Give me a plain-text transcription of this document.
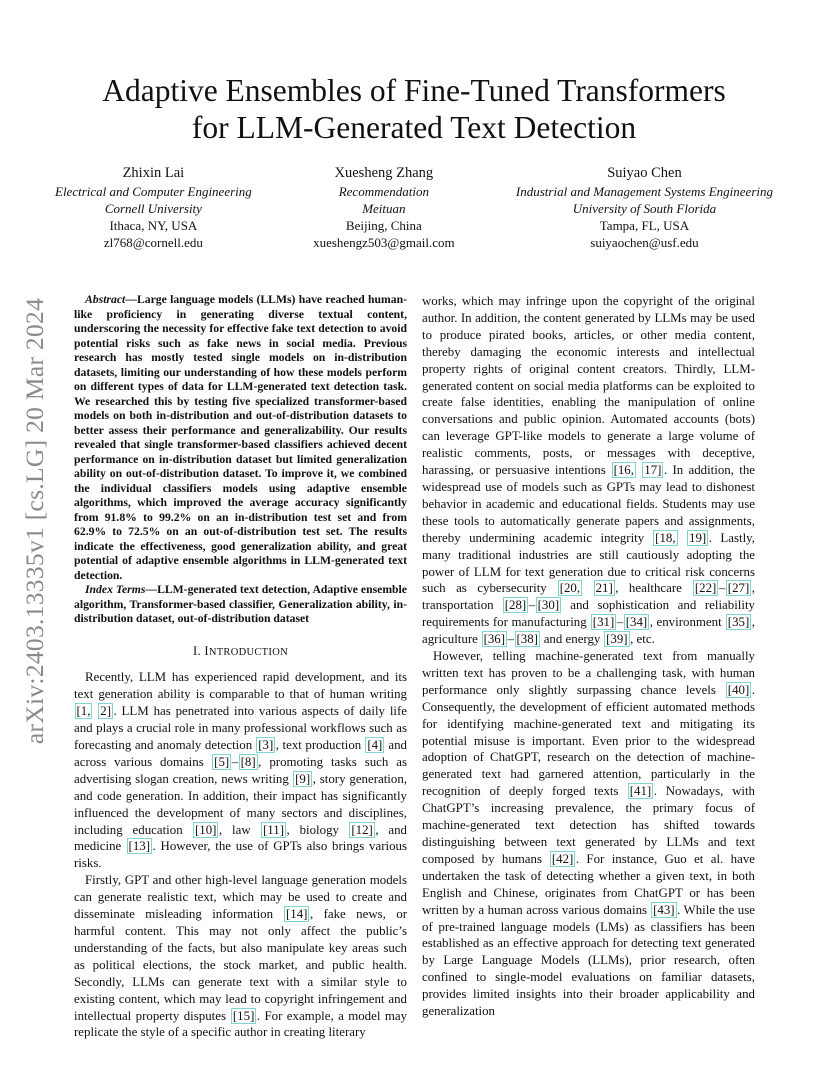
arXiv:2403.13335v1 [cs.LG] 20 Mar 2024
Adaptive Ensembles of Fine-Tuned Transformers
for LLM-Generated Text Detection
Zhixin Lai
Electrical and Computer Engineering
Cornell University
Ithaca, NY, USA
zl768@cornell.edu
Xuesheng Zhang
Recommendation
Meituan
Beijing, China
xueshengz503@gmail.com
Suiyao Chen
Industrial and Management Systems Engineering
University of South Florida
Tampa, FL, USA
suiyaochen@usf.edu

Abstract—Large language models (LLMs) have reached human-like proficiency in generating diverse textual content, underscoring the necessity for effective fake text detection to avoid potential risks such as fake news in social media. Previous research has mostly tested single models on in-distribution datasets, limiting our understanding of how these models perform on different types of data for LLM-generated text detection task. We researched this by testing five specialized transformer-based models on both in-distribution and out-of-distribution datasets to better assess their performance and generalizability. Our results revealed that single transformer-based classifiers achieved decent performance on in-distribution dataset but limited generalization ability on out-of-distribution dataset. To improve it, we combined the individual classifiers models using adaptive ensemble algorithms, which improved the average accuracy significantly from 91.8% to 99.2% on an in-distribution test set and from 62.9% to 72.5% on an out-of-distribution test set. The results indicate the effectiveness, good generalization ability, and great potential of adaptive ensemble algorithms in LLM-generated text detection.

Index Terms—LLM-generated text detection, Adaptive ensemble algorithm, Transformer-based classifier, Generalization ability, in-distribution dataset, out-of-distribution dataset

I. INTRODUCTION

Recently, LLM has experienced rapid development, and its text generation ability is comparable to that of human writing [1, 2] . LLM has penetrated into various aspects of daily life and plays a crucial role in many professional workflows such as forecasting and anomaly detection [3] , text production [4] and across various domains [5] – [8] , promoting tasks such as advertising slogan creation, news writing [9] , story generation, and code generation. In addition, their impact has significantly influenced the development of many sectors and disciplines, including education [10] , law [11] , biology [12] , and medicine [13] . However, the use of GPTs also brings various risks.

Firstly, GPT and other high-level language generation models can generate realistic text, which may be used to create and disseminate misleading information [14] , fake news, or harmful content. This may not only affect the public’s understanding of the facts, but also manipulate key areas such as political elections, the stock market, and public health. Secondly, LLMs can generate text with a similar style to existing content, which may lead to copyright infringement and intellectual property disputes [15] . For example, a model may replicate the style of a specific author in creating literary

works, which may infringe upon the copyright of the original author. In addition, the content generated by LLMs may be used to produce pirated books, articles, or other media content, thereby damaging the economic interests and intellectual property rights of original content creators. Thirdly, LLM-generated content on social media platforms can be exploited to create false identities, enabling the manipulation of online conversations and public opinion. Automated accounts (bots) can leverage GPT-like models to generate a large volume of realistic comments, posts, or messages with deceptive, harassing, or persuasive intentions [16, 17] . In addition, the widespread use of models such as GPTs may lead to dishonest behavior in academic and educational fields. Students may use these tools to automatically generate papers and assignments, thereby undermining academic integrity [18, 19] . Lastly, many traditional industries are still cautiously adopting the power of LLM for text generation due to critical risk concerns such as cybersecurity [20, 21] , healthcare [22] – [27] , transportation [28] – [30] and sophistication and reliability requirements for manufacturing [31] – [34] , environment [35] , agriculture [36] – [38] and energy [39] , etc.

However, telling machine-generated text from manually written text has proven to be a challenging task, with human performance only slightly surpassing chance levels [40] . Consequently, the development of efficient automated methods for identifying machine-generated text and mitigating its potential misuse is important. Even prior to the widespread adoption of ChatGPT, research on the detection of machine-generated text had garnered attention, particularly in the recognition of deeply forged texts [41] . Nowadays, with ChatGPT’s increasing prevalence, the primary focus of machine-generated text detection has shifted towards distinguishing between text generated by LLMs and text composed by humans [42] . For instance, Guo et al. have undertaken the task of detecting whether a given text, in both English and Chinese, originates from ChatGPT or has been written by a human across various domains [43] . While the use of pre-trained language models (LMs) as classifiers has been established as an effective approach for detecting text generated by Large Language Models (LLMs), prior research, often confined to single-model evaluations on familiar datasets, provides limited insights into their broader applicability and generalization
